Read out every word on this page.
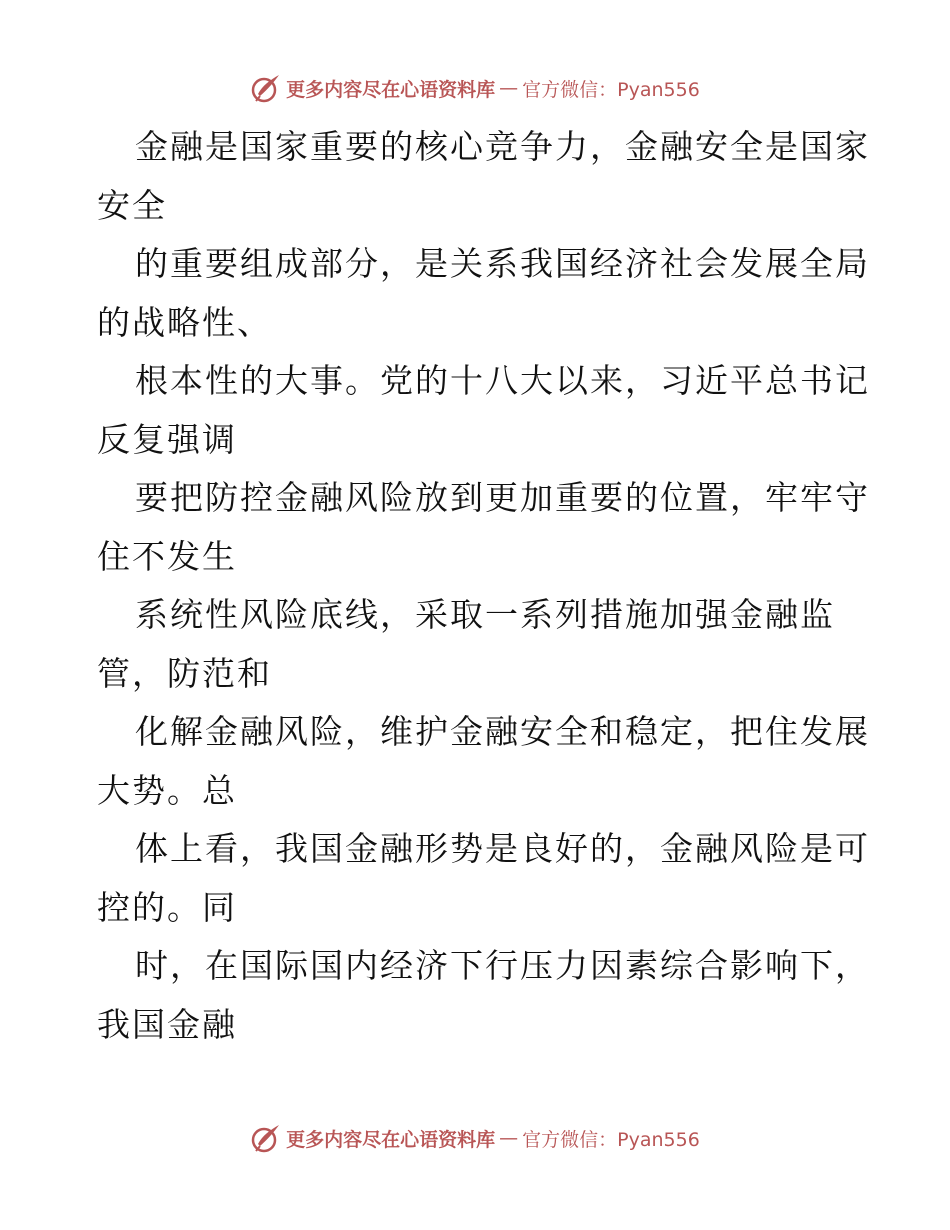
更多内容尽在心语资料库 — 官方微信：Pyan556
金融是国家重要的核心竞争力，金融安全是国家
安全
的重要组成部分，是关系我国经济社会发展全局
的战略性、
根本性的大事。党的十八大以来，习近平总书记
反复强调
要把防控金融风险放到更加重要的位置，牢牢守
住不发生
系统性风险底线，采取一系列措施加强金融监
管，防范和
化解金融风险，维护金融安全和稳定，把住发展
大势。总
体上看，我国金融形势是良好的，金融风险是可
控的。同
时，在国际国内经济下行压力因素综合影响下，
我国金融
更多内容尽在心语资料库 — 官方微信：Pyan556
